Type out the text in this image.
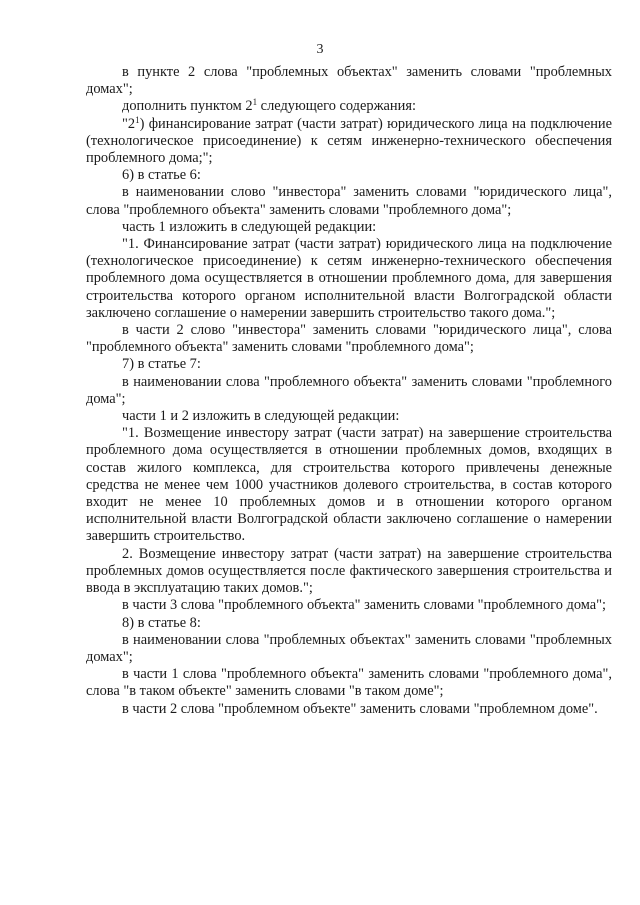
3

в пункте 2 слова "проблемных объектах" заменить словами "проблемных домах";

дополнить пунктом $2^1$ следующего содержания:

"$2^1$) финансирование затрат (части затрат) юридического лица на подключение (технологическое присоединение) к сетям инженерно-технического обеспечения проблемного дома;";

6) в статье 6:

в наименовании слово "инвестора" заменить словами "юридического лица", слова "проблемного объекта" заменить словами "проблемного дома";

часть 1 изложить в следующей редакции:

"1. Финансирование затрат (части затрат) юридического лица на подключение (технологическое присоединение) к сетям инженерно-технического обеспечения проблемного дома осуществляется в отношении проблемного дома, для завершения строительства которого органом исполнительной власти Волгоградской области заключено соглашение о намерении завершить строительство такого дома.";

в части 2 слово "инвестора" заменить словами "юридического лица", слова "проблемного объекта" заменить словами "проблемного дома";

7) в статье 7:

в наименовании слова "проблемного объекта" заменить словами "проблемного дома";

части 1 и 2 изложить в следующей редакции:

"1. Возмещение инвестору затрат (части затрат) на завершение строительства проблемного дома осуществляется в отношении проблемных домов, входящих в состав жилого комплекса, для строительства которого привлечены денежные средства не менее чем 1000 участников долевого строительства, в состав которого входит не менее 10 проблемных домов и в отношении которого органом исполнительной власти Волгоградской области заключено соглашение о намерении завершить строительство.

2. Возмещение инвестору затрат (части затрат) на завершение строительства проблемных домов осуществляется после фактического завершения строительства и ввода в эксплуатацию таких домов.";

в части 3 слова "проблемного объекта" заменить словами "проблемного дома";

8) в статье 8:

в наименовании слова "проблемных объектах" заменить словами "проблемных домах";

в части 1 слова "проблемного объекта" заменить словами "проблемного дома", слова "в таком объекте" заменить словами "в таком доме";

в части 2 слова "проблемном объекте" заменить словами "проблемном доме".
